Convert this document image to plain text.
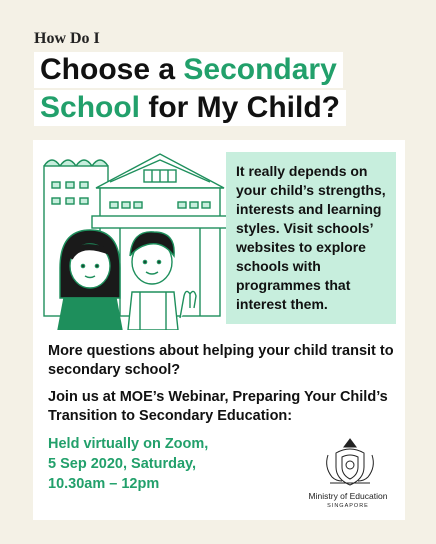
How Do I
Choose a Secondary
School for My Child?

It really depends on your child’s strengths, interests and learning styles. Visit schools’ websites to explore schools with programmes that interest them.

More questions about helping your child transit to secondary school?

Join us at MOE’s Webinar, Preparing Your Child’s Transition to Secondary Education:

Held virtually on Zoom,
5 Sep 2020, Saturday,
10.30am – 12pm

Ministry of Education
SINGAPORE
